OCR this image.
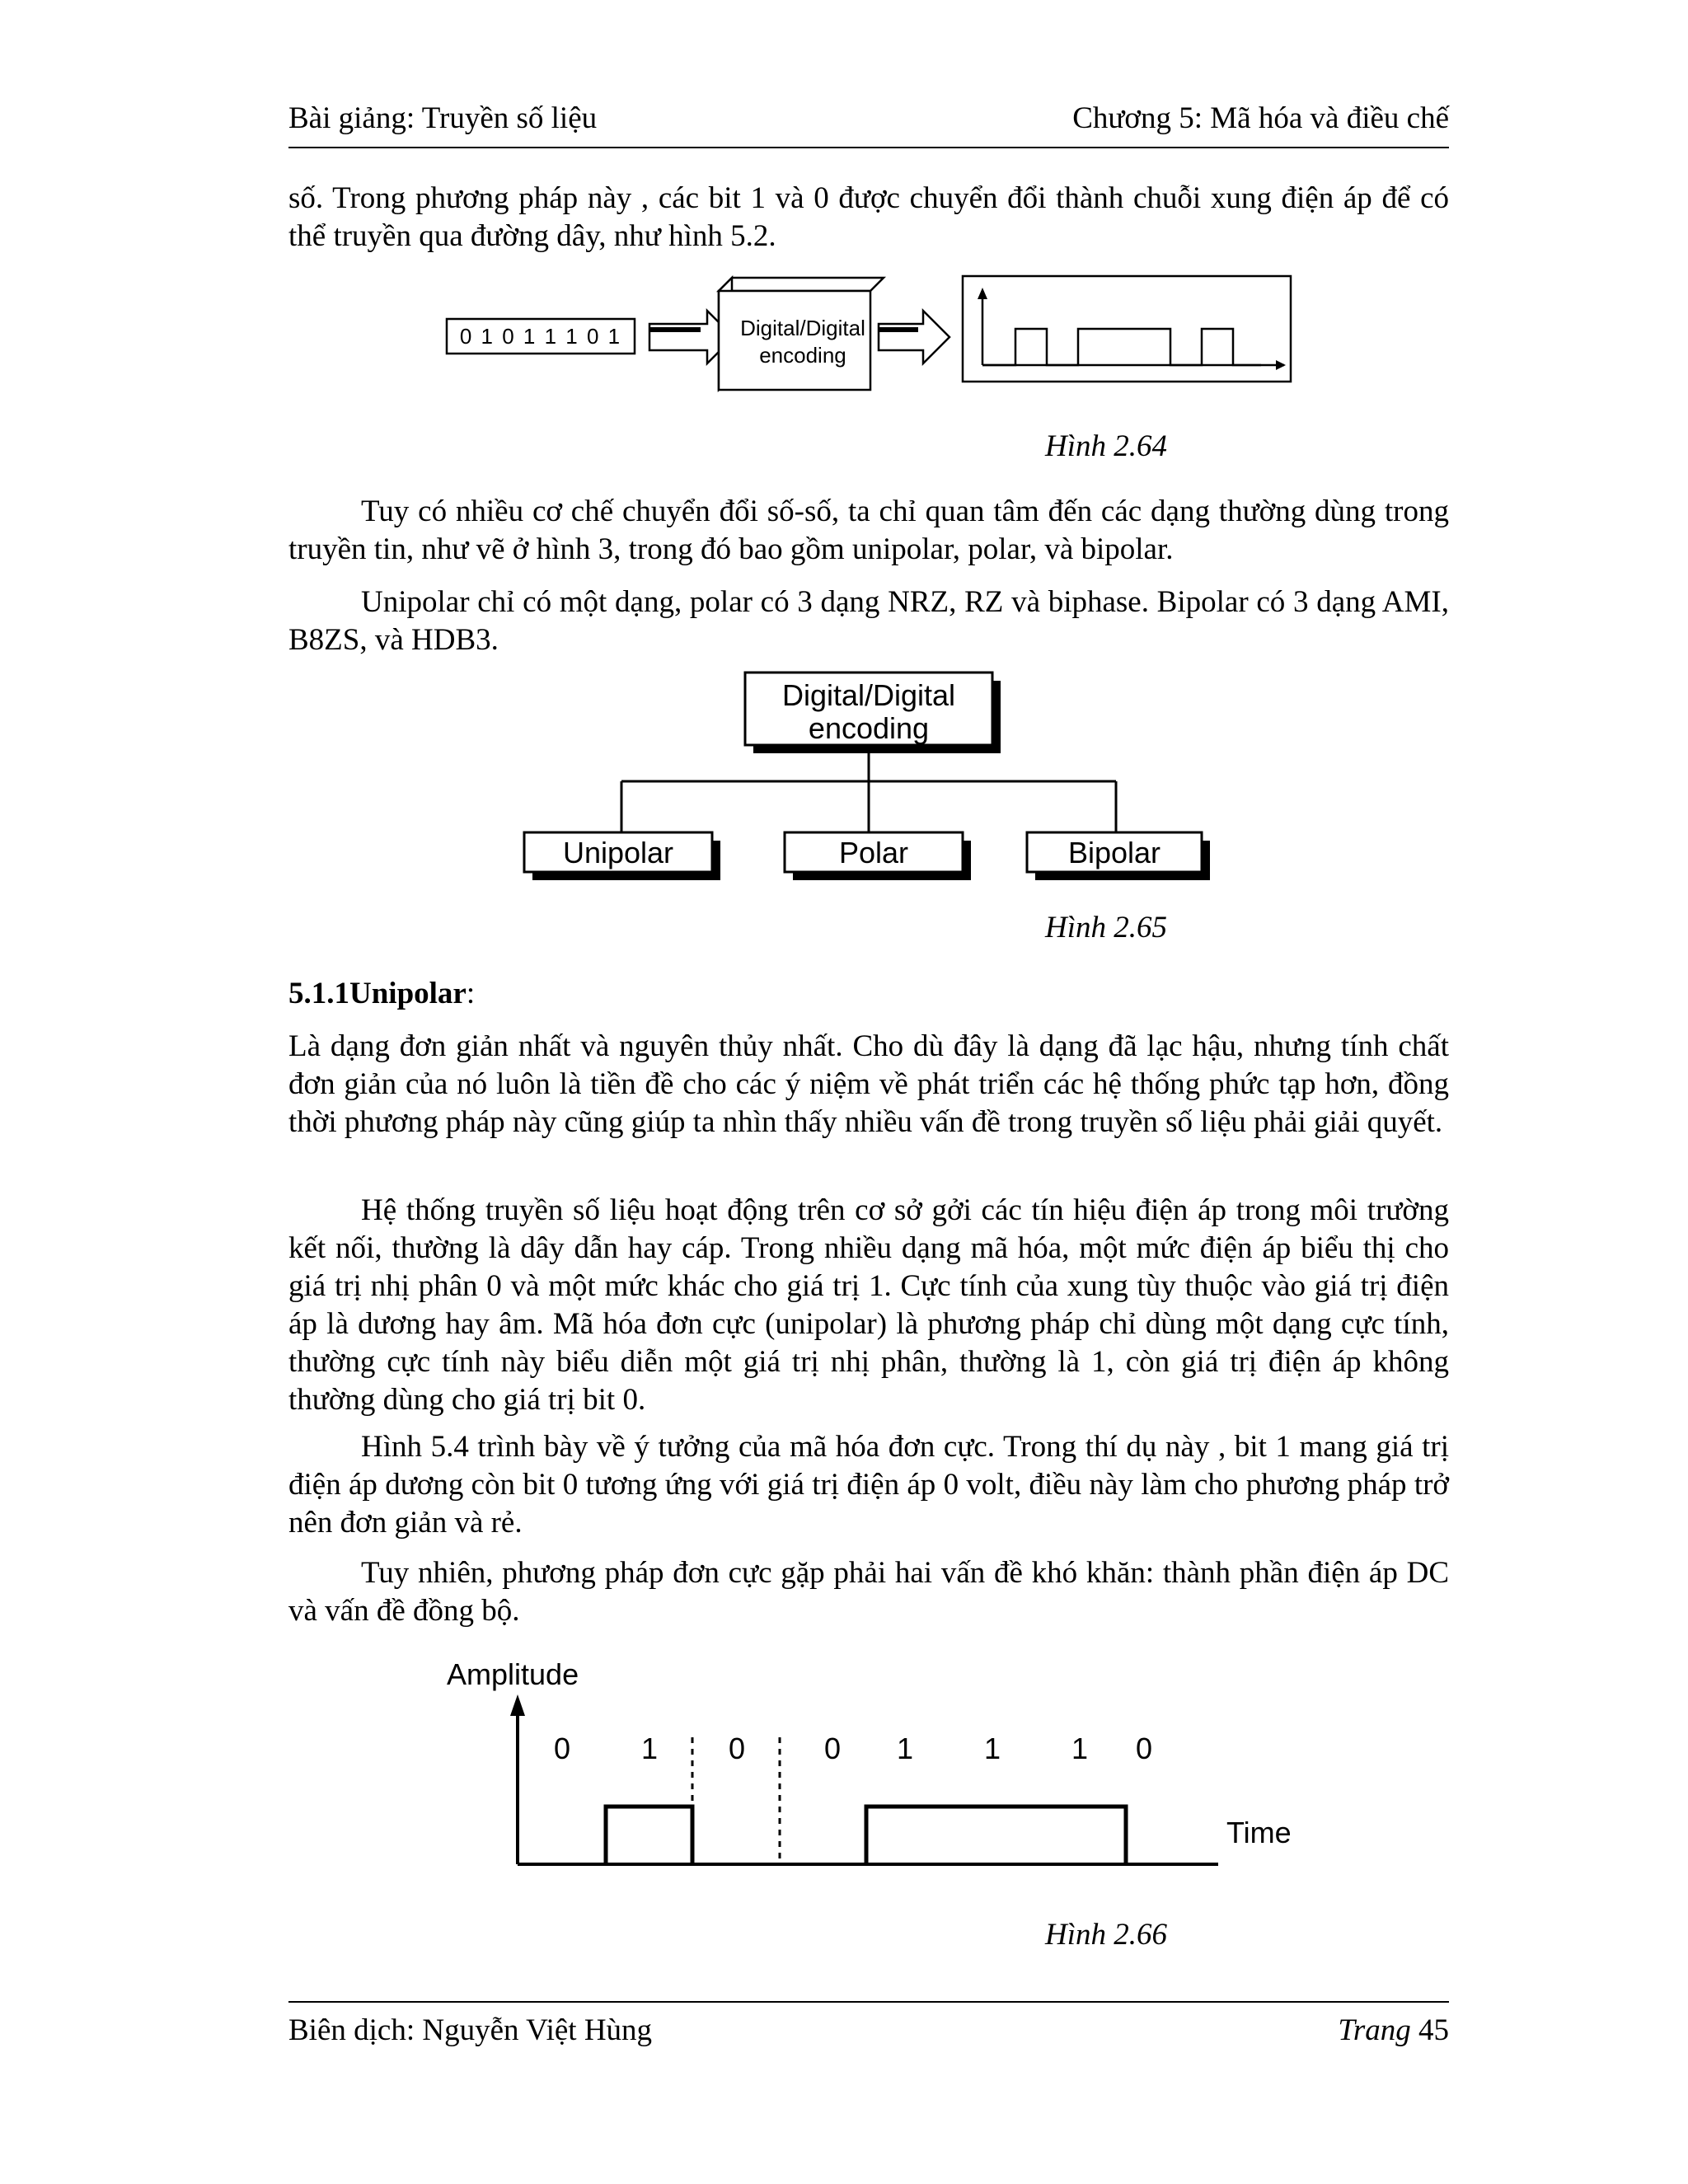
Bài giảng: Truyền số liệu	Chương 5: Mã hóa và điều chế
số. Trong phương pháp này , các bit 1 và 0 được chuyển đổi thành chuỗi xung điện áp để có thể truyền qua đường dây, như hình 5.2.
0 1 0 1 1 1 0 1	Digital/Digital
encoding
Hình 2.64
Tuy có nhiều cơ chế chuyển đổi số-số, ta chỉ quan tâm đến các dạng thường dùng trong truyền tin, như vẽ ở hình 3, trong đó bao gồm unipolar, polar, và bipolar.
Unipolar chỉ có một dạng, polar có 3 dạng NRZ, RZ và biphase. Bipolar có 3 dạng AMI, B8ZS, và HDB3.
Digital/Digital
encoding
Unipolar	Polar	Bipolar
Hình 2.65
5.1.1Unipolar:
Là dạng đơn giản nhất và nguyên thủy nhất. Cho dù đây là dạng đã lạc hậu, nhưng tính chất đơn giản của nó luôn là tiền đề cho các ý niệm về phát triển các hệ thống phức tạp hơn, đồng thời phương pháp này cũng giúp ta nhìn thấy nhiều vấn đề trong truyền số liệu phải giải quyết.
Hệ thống truyền số liệu hoạt động trên cơ sở gởi các tín hiệu điện áp trong môi trường kết nối, thường là dây dẫn hay cáp. Trong nhiều dạng mã hóa, một mức điện áp biểu thị cho giá trị nhị phân 0 và một mức khác cho giá trị 1. Cực tính của xung tùy thuộc vào giá trị điện áp là dương hay âm. Mã hóa đơn cực (unipolar) là phương pháp chỉ dùng một dạng cực tính, thường cực tính này biểu diễn một giá trị nhị phân, thường là 1, còn giá trị điện áp không thường dùng cho giá trị bit 0.
Hình 5.4 trình bày về ý tưởng của mã hóa đơn cực. Trong thí dụ này , bit 1 mang giá trị điện áp dương còn bit 0 tương ứng với giá trị điện áp 0 volt, điều này làm cho phương pháp trở nên đơn giản và rẻ.
Tuy nhiên, phương pháp đơn cực gặp phải hai vấn đề khó khăn: thành phần điện áp DC và vấn đề đồng bộ.
Amplitude
Time
0 1 0	0 1 1 1 0
Hình 2.66
Biên dịch: Nguyễn Việt Hùng	Trang 45
